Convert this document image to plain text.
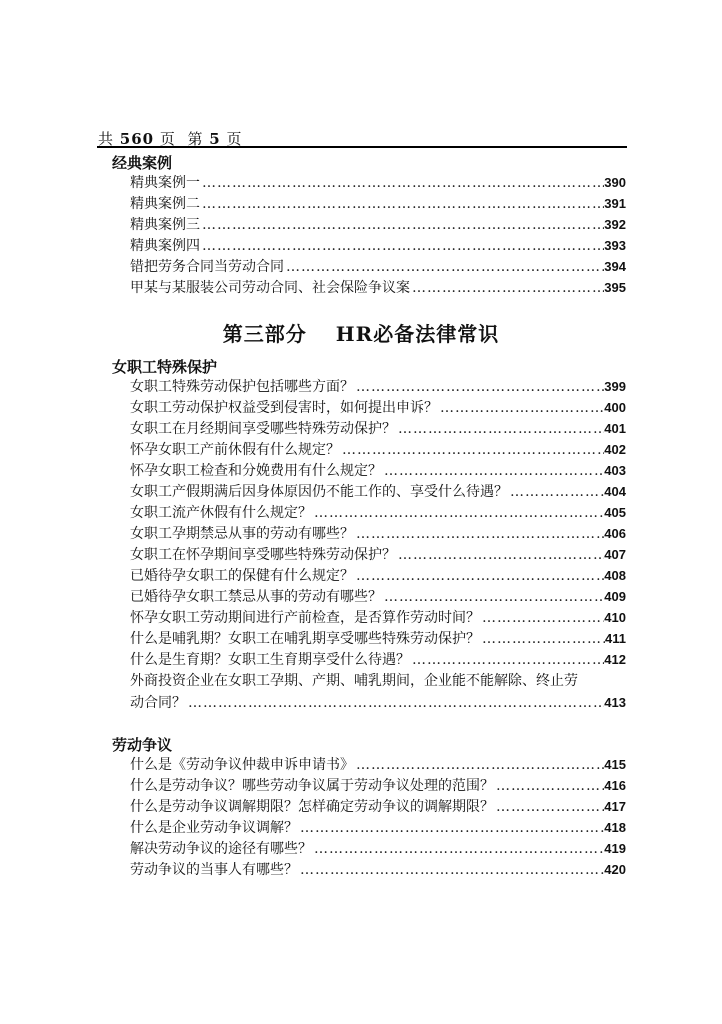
共 560 页 第 5 页
经典案例
精典案例一 ……………………………………………………………………………………………………………………………………………………	390
精典案例二 ……………………………………………………………………………………………………………………………………………………	391
精典案例三 ……………………………………………………………………………………………………………………………………………………	392
精典案例四 ……………………………………………………………………………………………………………………………………………………	393
错把劳务合同当劳动合同 ……………………………………………………………………………………………………………………………………………………	394
甲某与某服装公司劳动合同、社会保险争议案 ……………………………………………………………………………………………………………………………………………………	395
第三部分　 HR必备法律常识
女职工特殊保护
女职工特殊劳动保护包括哪些方面？ ……………………………………………………………………………………………………………………………………………………	399
女职工劳动保护权益受到侵害时，如何提出申诉？ ……………………………………………………………………………………………………………………………………………………	400
女职工在月经期间享受哪些特殊劳动保护？ ……………………………………………………………………………………………………………………………………………………	401
怀孕女职工产前休假有什么规定？ ……………………………………………………………………………………………………………………………………………………	402
怀孕女职工检查和分娩费用有什么规定？ ……………………………………………………………………………………………………………………………………………………	403
女职工产假期满后因身体原因仍不能工作的、享受什么待遇？ ……………………………………………………………………………………………………………………………………………………	404
女职工流产休假有什么规定？ ……………………………………………………………………………………………………………………………………………………	405
女职工孕期禁忌从事的劳动有哪些？ ……………………………………………………………………………………………………………………………………………………	406
女职工在怀孕期间享受哪些特殊劳动保护？ ……………………………………………………………………………………………………………………………………………………	407
已婚待孕女职工的保健有什么规定？ ……………………………………………………………………………………………………………………………………………………	408
已婚待孕女职工禁忌从事的劳动有哪些？ ……………………………………………………………………………………………………………………………………………………	409
怀孕女职工劳动期间进行产前检查，是否算作劳动时间？ ……………………………………………………………………………………………………………………………………………………	410
什么是哺乳期？女职工在哺乳期享受哪些特殊劳动保护？ ……………………………………………………………………………………………………………………………………………………	411
什么是生育期？女职工生育期享受什么待遇？ ……………………………………………………………………………………………………………………………………………………	412
外商投资企业在女职工孕期、产期、哺乳期间，企业能不能解除、终止劳
动合同？ ……………………………………………………………………………………………………………………………………………………	413
劳动争议
什么是《劳动争议仲裁申诉申请书》 ……………………………………………………………………………………………………………………………………………………	415
什么是劳动争议？哪些劳动争议属于劳动争议处理的范围？ ……………………………………………………………………………………………………………………………………………………	416
什么是劳动争议调解期限？怎样确定劳动争议的调解期限？ ……………………………………………………………………………………………………………………………………………………	417
什么是企业劳动争议调解？ ……………………………………………………………………………………………………………………………………………………	418
解决劳动争议的途径有哪些？ ……………………………………………………………………………………………………………………………………………………	419
劳动争议的当事人有哪些？ ……………………………………………………………………………………………………………………………………………………	420
